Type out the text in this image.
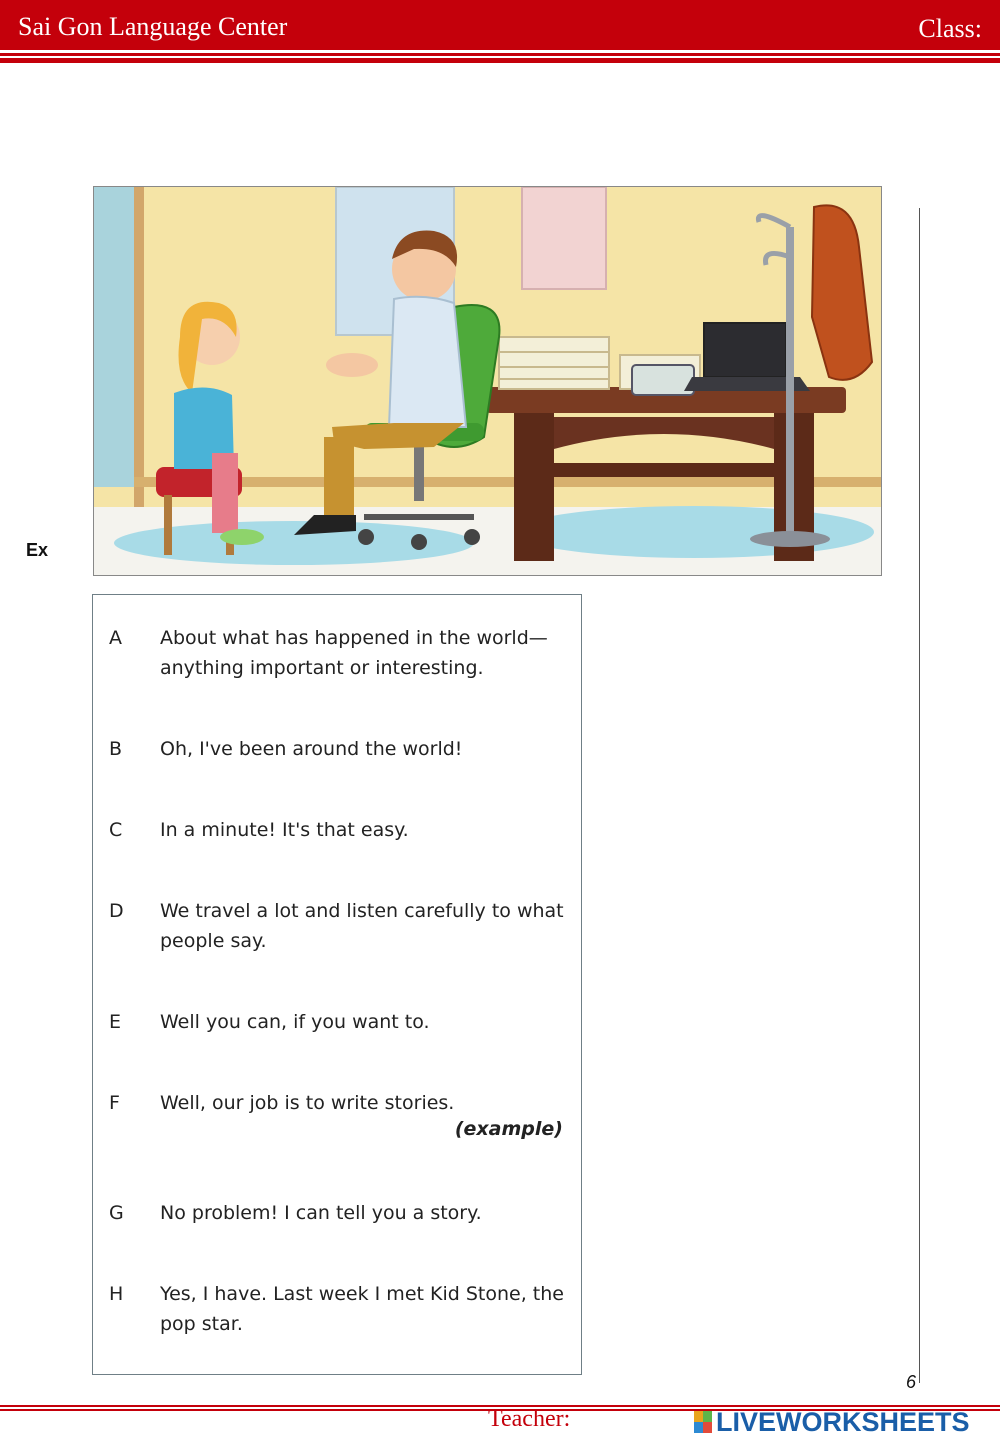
Sai Gon Language Center	Class:
Ex
6
A About what has happened in the world— anything important or interesting.
B Oh, I've been around the world!
C In a minute! It's that easy.
D We travel a lot and listen carefully to what people say.
E Well you can, if you want to.
F Well, our job is to write stories.
(example)
G No problem! I can tell you a story.
H Yes, I have. Last week I met Kid Stone, the pop star.
Teacher:	LIVEWORKSHEETS
